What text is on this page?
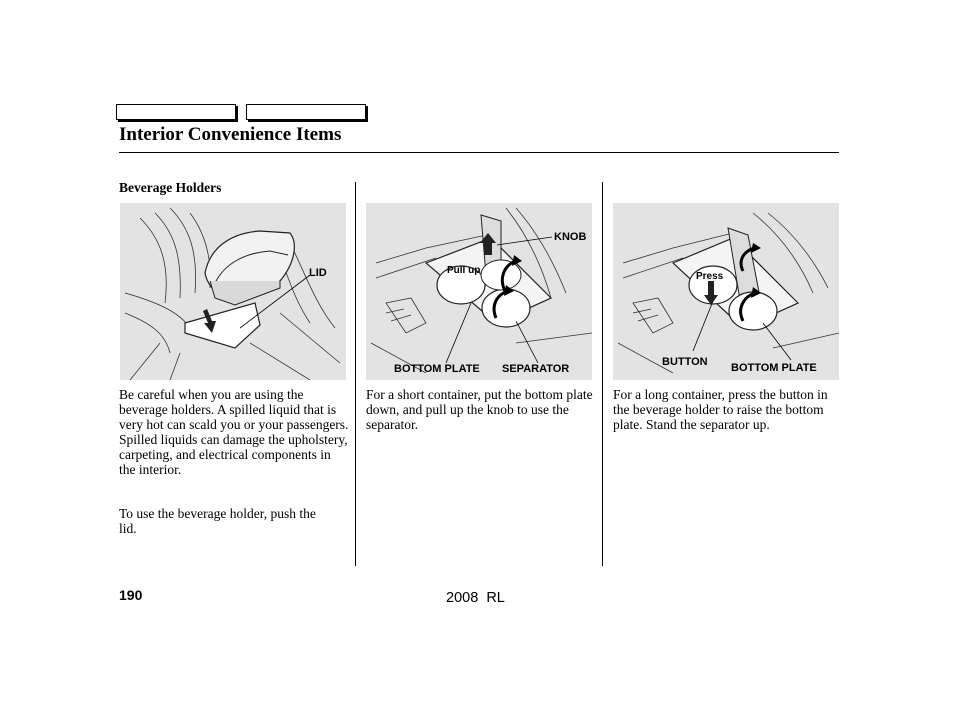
Interior Convenience Items
Beverage Holders
LID
KNOB
Pull up
BOTTOM PLATE SEPARATOR
Press
BUTTON BOTTOM PLATE
Be careful when you are using the beverage holders. A spilled liquid that is very hot can scald you or your passengers. Spilled liquids can damage the upholstery, carpeting, and electrical components in the interior.
To use the beverage holder, push the lid.
For a short container, put the bottom plate down, and pull up the knob to use the separator.
For a long container, press the button in the beverage holder to raise the bottom plate. Stand the separator up.
190	2008  RL
